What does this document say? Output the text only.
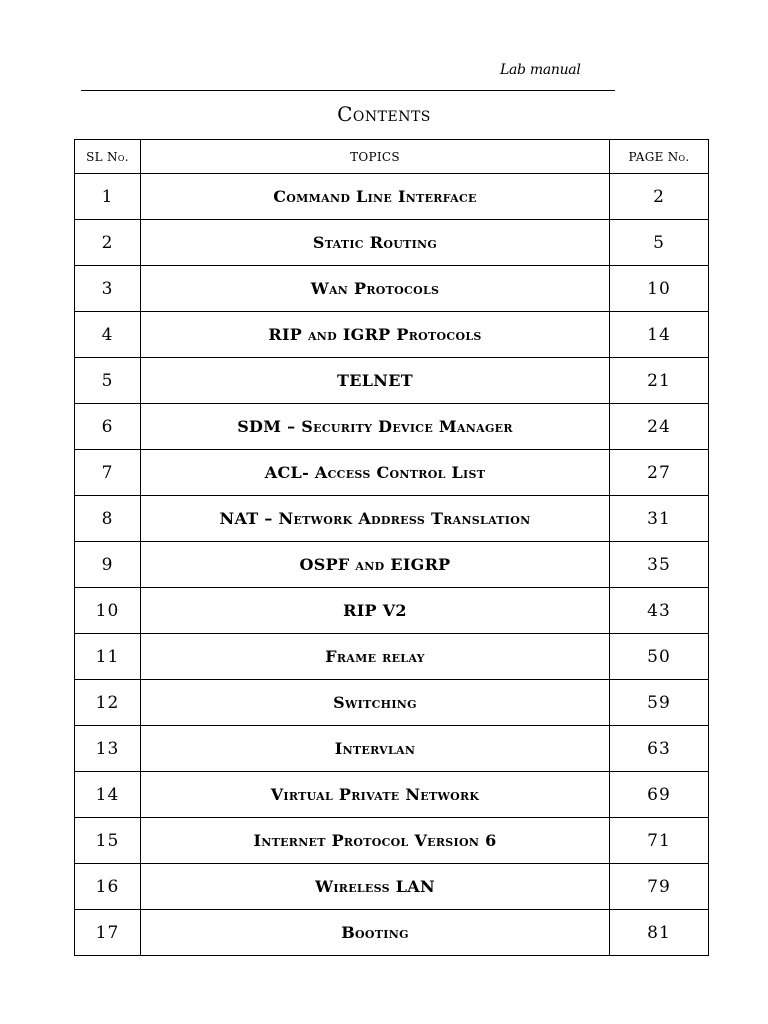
Lab manual
Contents
SL No.	TOPICS	PAGE No.
1	Command Line Interface	2
2	Static Routing	5
3	Wan Protocols	10
4	RIP and IGRP Protocols	14
5	TELNET	21
6	SDM – Security Device Manager	24
7	ACL- Access Control List	27
8	NAT – Network Address Translation	31
9	OSPF and EIGRP	35
10	RIP V2	43
11	Frame relay	50
12	Switching	59
13	Intervlan	63
14	Virtual Private Network	69
15	Internet Protocol Version 6	71
16	Wireless LAN	79
17	Booting	81
